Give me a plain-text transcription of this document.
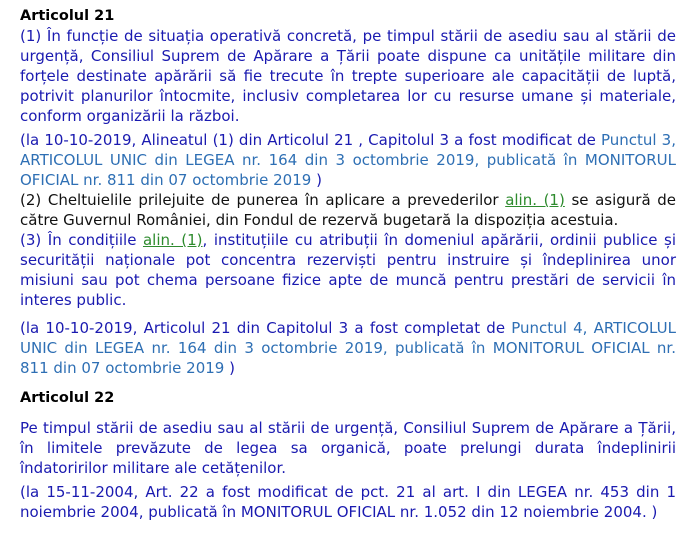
Articolul 21

(1) În funcție de situația operativă concretă, pe timpul stării de asediu sau al stării de urgență, Consiliul Suprem de Apărare a Țării poate dispune ca unitățile militare din forțele destinate apărării să fie trecute în trepte superioare ale capacității de luptă, potrivit planurilor întocmite, inclusiv completarea lor cu resurse umane și materiale, conform organizării la război.

(la 10-10-2019, Alineatul (1) din Articolul 21 , Capitolul 3 a fost modificat de Punctul 3, ARTICOLUL UNIC din LEGEA nr. 164 din 3 octombrie 2019, publicată în MONITORUL OFICIAL nr. 811 din 07 octombrie 2019 )

(2) Cheltuielile prilejuite de punerea în aplicare a prevederilor alin. (1) se asigură de către Guvernul României, din Fondul de rezervă bugetară la dispoziția acestuia.

(3) În condițiile alin. (1), instituțiile cu atribuții în domeniul apărării, ordinii publice și securității naționale pot concentra rezerviști pentru instruire și îndeplinirea unor misiuni sau pot chema persoane fizice apte de muncă pentru prestări de servicii în interes public.

(la 10-10-2019, Articolul 21 din Capitolul 3 a fost completat de Punctul 4, ARTICOLUL UNIC din LEGEA nr. 164 din 3 octombrie 2019, publicată în MONITORUL OFICIAL nr. 811 din 07 octombrie 2019 )

Articolul 22

Pe timpul stării de asediu sau al stării de urgență, Consiliul Suprem de Apărare a Țării, în limitele prevăzute de legea sa organică, poate prelungi durata îndeplinirii îndatoririlor militare ale cetățenilor.

(la 15-11-2004, Art. 22 a fost modificat de pct. 21 al art. I din LEGEA nr. 453 din 1 noiembrie 2004, publicată în MONITORUL OFICIAL nr. 1.052 din 12 noiembrie 2004. )
